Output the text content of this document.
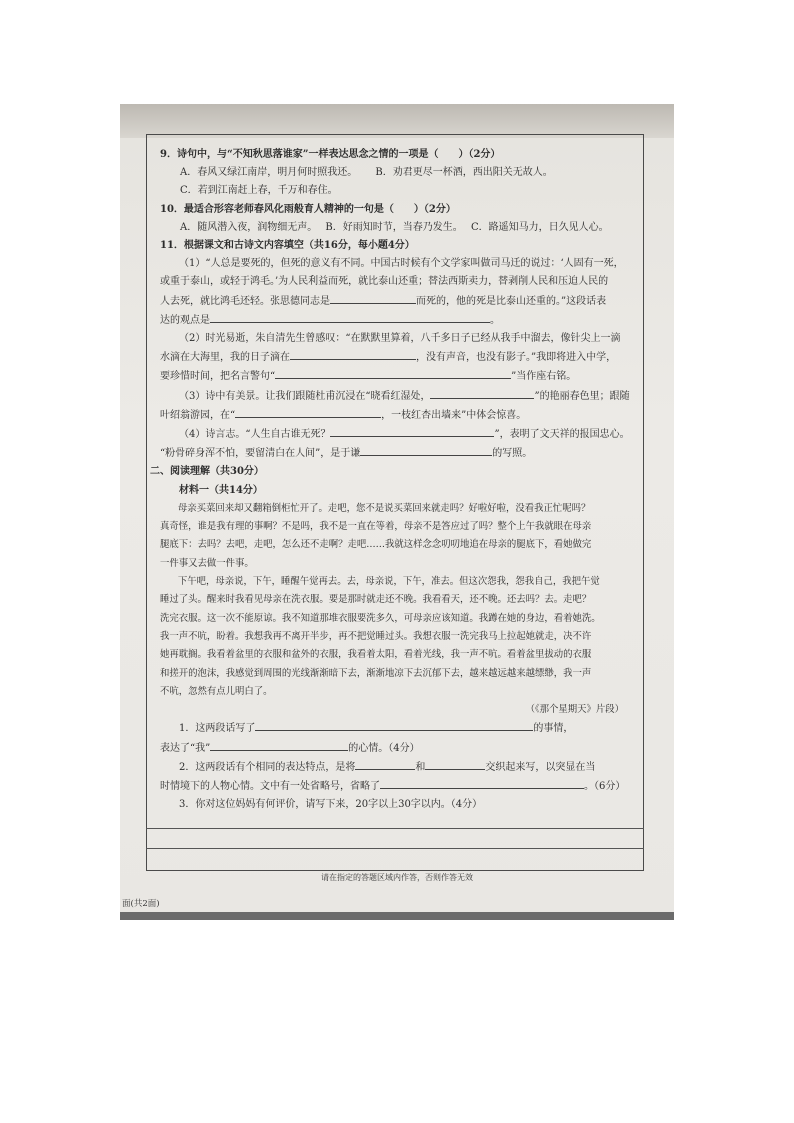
9．诗句中，与“不知秋思落谁家”一样表达思念之情的一项是（　　）（2分）
A．春风又绿江南岸，明月何时照我还。　　 B．劝君更尽一杯酒，西出阳关无故人。
C．若到江南赶上春，千万和春住。
10．最适合形容老师春风化雨般育人精神的一句是（　　）（2分）
A．随风潜入夜，润物细无声。　 B．好雨知时节，当春乃发生。　 C．路遥知马力，日久见人心。
11．根据课文和古诗文内容填空（共16分，每小题4分）
（1）“人总是要死的，但死的意义有不同。中国古时候有个文学家叫做司马迁的说过：‘人固有一死，
或重于泰山，或轻于鸿毛。’为人民利益而死，就比泰山还重；替法西斯卖力，替剥削人民和压迫人民的
人去死，就比鸿毛还轻。张思德同志是	而死的，他的死是比泰山还重的。”这段话表
达的观点是	。
（2）时光易逝，朱自清先生曾感叹：“在默默里算着，八千多日子已经从我手中溜去，像针尖上一滴
水滴在大海里，我的日子滴在	，没有声音，也没有影子。”我即将进入中学，
要珍惜时间，把名言警句“	”当作座右铭。
（3）诗中有美景。让我们跟随杜甫沉浸在“晓看红湿处，	”的艳丽春色里；跟随
叶绍翁游园，在“	，一枝红杏出墙来”中体会惊喜。
（4）诗言志。“人生自古谁无死？	”，表明了文天祥的报国忠心。
“粉骨碎身浑不怕，要留清白在人间”，是于谦	的写照。
二、阅读理解（共30分）
材料一（共14分）
母亲买菜回来却又翻箱倒柜忙开了。走吧，您不是说买菜回来就走吗？好啦好啦，没看我正忙呢吗？
真奇怪，谁是我有理的事啊？不是吗，我不是一直在等着，母亲不是答应过了吗？整个上午我就眼在母亲
腿底下：去吗？去吧，走吧，怎么还不走啊？走吧……我就这样念念叨叨地追在母亲的腿底下，看她做完
一件事又去做一件事。
下午吧，母亲说，下午，睡醒午觉再去。去，母亲说，下午，准去。但这次怨我，怨我自己，我把午觉
睡过了头。醒来时我看见母亲在洗衣服。要是那时就走还不晚。我看看天，还不晚。还去吗？去。走吧？
洗完衣服。这一次不能原谅。我不知道那堆衣服要洗多久，可母亲应该知道。我蹲在她的身边，看着她洗。
我一声不吭，盼着。我想我再不离开半步，再不把觉睡过头。我想衣服一洗完我马上拉起她就走，决不许
她再耽搁。我看着盆里的衣服和盆外的衣服，我看着太阳，看着光线，我一声不吭。看着盆里拔动的衣服
和搓开的泡沫，我感觉到周围的光线渐渐暗下去，渐渐地凉下去沉郁下去，越来越远越来越缥缈，我一声
不吭，忽然有点儿明白了。
（《那个星期天》片段）
1．这两段话写了	的事情，
表达了“我”	的心情。（4分）
2．这两段话有个相同的表达特点，是将	和	交织起来写，以突显在当
时情境下的人物心情。文中有一处省略号，省略了	。（6分）
3．你对这位妈妈有何评价，请写下来，20字以上30字以内。（4分）
请在指定的答题区域内作答，否则作答无效
面(共2面)
